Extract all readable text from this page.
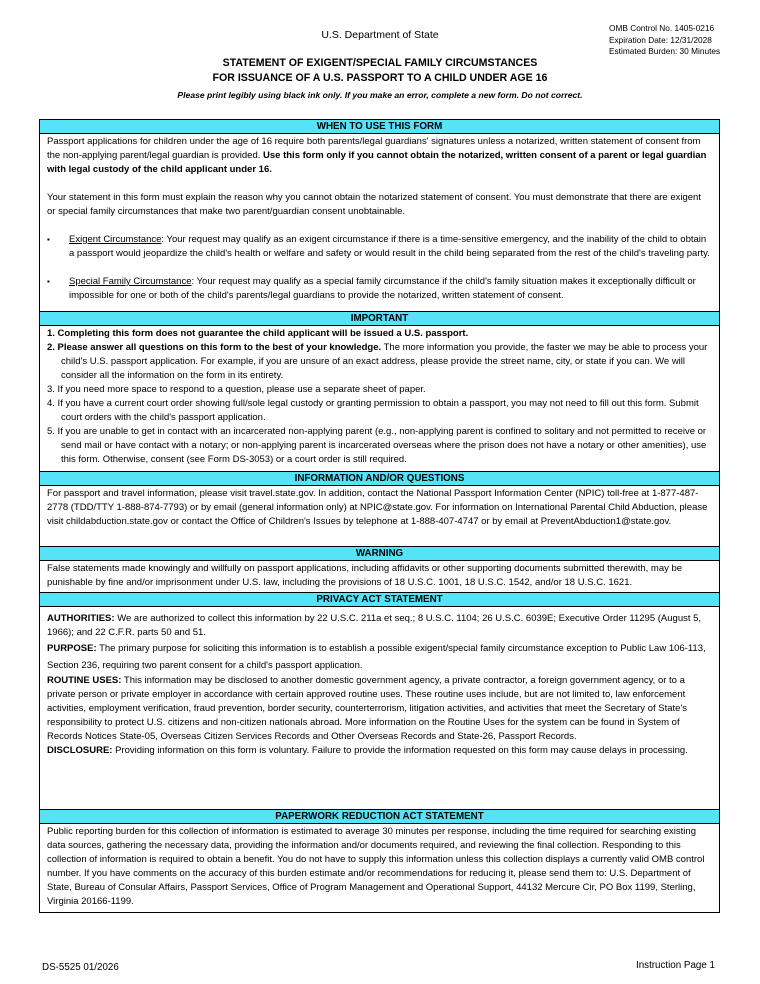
U.S. Department of State
OMB Control No. 1405-0216
Expiration Date: 12/31/2028
Estimated Burden: 30 Minutes
STATEMENT OF EXIGENT/SPECIAL FAMILY CIRCUMSTANCES
FOR ISSUANCE OF A U.S. PASSPORT TO A CHILD UNDER AGE 16
Please print legibly using black ink only. If you make an error, complete a new form. Do not correct.
WHEN TO USE THIS FORM

Passport applications for children under the age of 16 require both parents/legal guardians' signatures unless a notarized, written statement of consent from the non-applying parent/legal guardian is provided. Use this form only if you cannot obtain the notarized, written consent of a parent or legal guardian with legal custody of the child applicant under 16.

Your statement in this form must explain the reason why you cannot obtain the notarized statement of consent. You must demonstrate that there are exigent or special family circumstances that make two parent/guardian consent unobtainable.

▪ Exigent Circumstance: Your request may qualify as an exigent circumstance if there is a time-sensitive emergency, and the inability of the child to obtain a passport would jeopardize the child's health or welfare and safety or would result in the child being separated from the rest of the child's traveling party.

▪ Special Family Circumstance: Your request may qualify as a special family circumstance if the child's family situation makes it exceptionally difficult or impossible for one or both of the child's parents/legal guardians to provide the notarized, written statement of consent.

IMPORTANT

1. Completing this form does not guarantee the child applicant will be issued a U.S. passport.

2. Please answer all questions on this form to the best of your knowledge. The more information you provide, the faster we may be able to process your child's U.S. passport application. For example, if you are unsure of an exact address, please provide the street name, city, or state if you can. We will consider all the information on the form in its entirety.

3. If you need more space to respond to a question, please use a separate sheet of paper.

4. If you have a current court order showing full/sole legal custody or granting permission to obtain a passport, you may not need to fill out this form. Submit court orders with the child's passport application.

5. If you are unable to get in contact with an incarcerated non-applying parent (e.g., non-applying parent is confined to solitary and not permitted to receive or send mail or have contact with a notary; or non-applying parent is incarcerated overseas where the prison does not have a notary or other amenities), use this form. Otherwise, consent (see Form DS-3053) or a court order is still required.

INFORMATION AND/OR QUESTIONS

For passport and travel information, please visit travel.state.gov. In addition, contact the National Passport Information Center (NPIC) toll-free at 1-877-487-2778 (TDD/TTY 1-888-874-7793) or by email (general information only) at NPIC@state.gov. For information on International Parental Child Abduction, please visit childabduction.state.gov or contact the Office of Children's Issues by telephone at 1-888-407-4747 or by email at PreventAbduction1@state.gov.

WARNING

False statements made knowingly and willfully on passport applications, including affidavits or other supporting documents submitted therewith, may be punishable by fine and/or imprisonment under U.S. law, including the provisions of 18 U.S.C. 1001, 18 U.S.C. 1542, and/or 18 U.S.C. 1621.

PRIVACY ACT STATEMENT

AUTHORITIES: We are authorized to collect this information by 22 U.S.C. 211a et seq.; 8 U.S.C. 1104; 26 U.S.C. 6039E; Executive Order 11295 (August 5, 1966); and 22 C.F.R. parts 50 and 51.

PURPOSE: The primary purpose for soliciting this information is to establish a possible exigent/special family circumstance exception to Public Law 106-113, Section 236, requiring two parent consent for a child's passport application.

ROUTINE USES: This information may be disclosed to another domestic government agency, a private contractor, a foreign government agency, or to a private person or private employer in accordance with certain approved routine uses. These routine uses include, but are not limited to, law enforcement activities, employment verification, fraud prevention, border security, counterterrorism, litigation activities, and activities that meet the Secretary of State's responsibility to protect U.S. citizens and non-citizen nationals abroad. More information on the Routine Uses for the system can be found in System of Records Notices State-05, Overseas Citizen Services Records and Other Overseas Records and State-26, Passport Records.

DISCLOSURE: Providing information on this form is voluntary. Failure to provide the information requested on this form may cause delays in processing.

PAPERWORK REDUCTION ACT STATEMENT

Public reporting burden for this collection of information is estimated to average 30 minutes per response, including the time required for searching existing data sources, gathering the necessary data, providing the information and/or documents required, and reviewing the final collection. Responding to this collection of information is required to obtain a benefit. You do not have to supply this information unless this collection displays a currently valid OMB control number. If you have comments on the accuracy of this burden estimate and/or recommendations for reducing it, please send them to: U.S. Department of State, Bureau of Consular Affairs, Passport Services, Office of Program Management and Operational Support, 44132 Mercure Cir, PO Box 1199, Sterling, Virginia 20166-1199.

DS-5525 01/2026	Instruction Page 1
